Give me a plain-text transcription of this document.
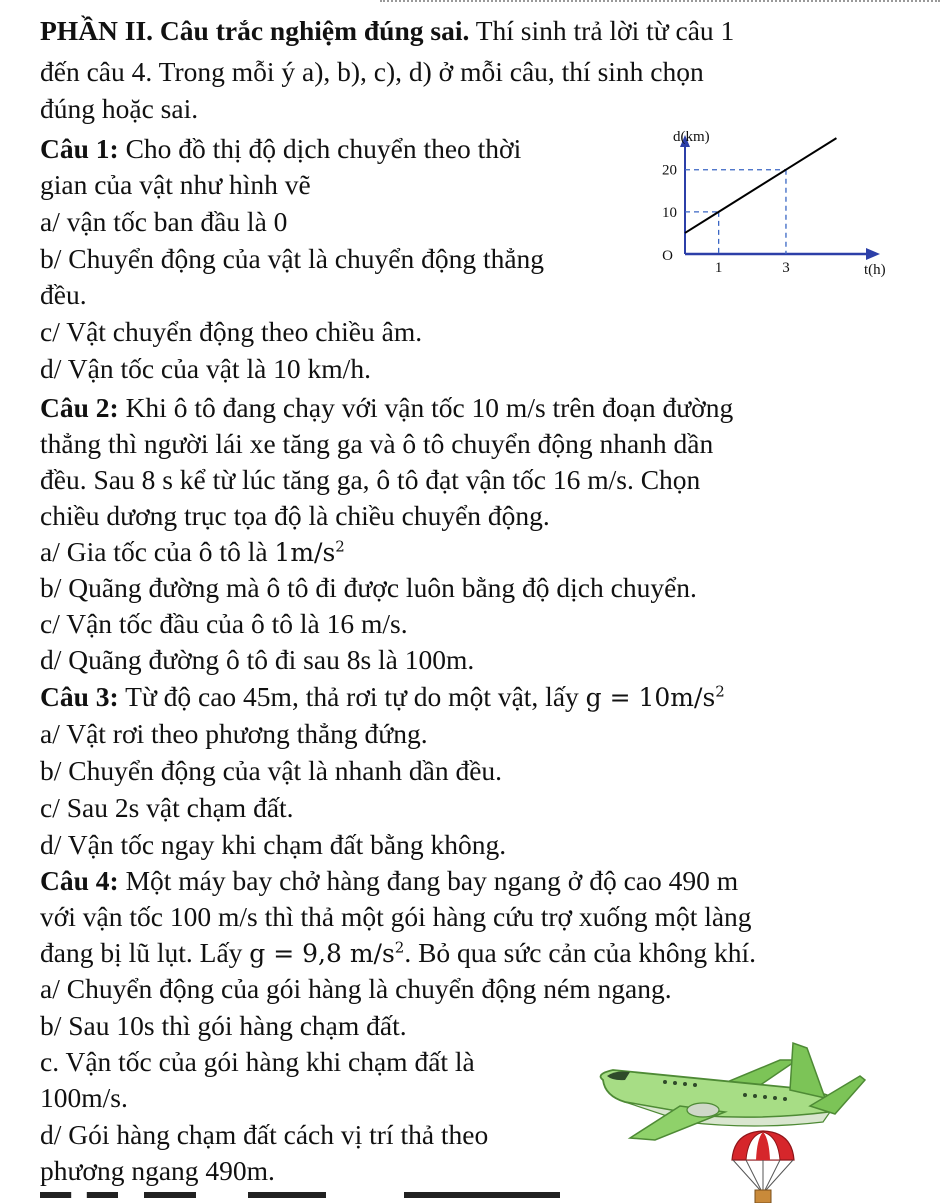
PHẦN II. Câu trắc nghiệm đúng sai. Thí sinh trả lời từ câu 1
đến câu 4. Trong mỗi ý a), b), c), d) ở mỗi câu, thí sinh chọn
đúng hoặc sai.
Câu 1: Cho đồ thị độ dịch chuyển theo thời
gian của vật như hình vẽ
a/ vận tốc ban đầu là 0
b/ Chuyển động của vật là chuyển động thẳng
đều.
c/ Vật chuyển động theo chiều âm.
d/ Vận tốc của vật là 10 km/h.
1	3
10
20
O
d(km)
t(h)
Câu 2: Khi ô tô đang chạy với vận tốc 10 m/s trên đoạn đường
thẳng thì người lái xe tăng ga và ô tô chuyển động nhanh dần
đều. Sau 8 s kể từ lúc tăng ga, ô tô đạt vận tốc 16 m/s. Chọn
chiều dương trục tọa độ là chiều chuyển động.
a/ Gia tốc của ô tô là $1m/s^2$
b/ Quãng đường mà ô tô đi được luôn bằng độ dịch chuyển.
c/ Vận tốc đầu của ô tô là 16 m/s.
d/ Quãng đường ô tô đi sau 8s là 100m.
Câu 3: Từ độ cao 45m, thả rơi tự do một vật, lấy $g = 10m/s^2$
a/ Vật rơi theo phương thẳng đứng.
b/ Chuyển động của vật là nhanh dần đều.
c/ Sau 2s vật chạm đất.
d/ Vận tốc ngay khi chạm đất bằng không.
Câu 4: Một máy bay chở hàng đang bay ngang ở độ cao 490 m
với vận tốc 100 m/s thì thả một gói hàng cứu trợ xuống một làng
đang bị lũ lụt. Lấy g = 9,8 $m/s^2$. Bỏ qua sức cản của không khí.
a/ Chuyển động của gói hàng là chuyển động ném ngang.
b/ Sau 10s thì gói hàng chạm đất.
c. Vận tốc của gói hàng khi chạm đất là
100m/s.
d/ Gói hàng chạm đất cách vị trí thả theo
phương ngang 490m.
